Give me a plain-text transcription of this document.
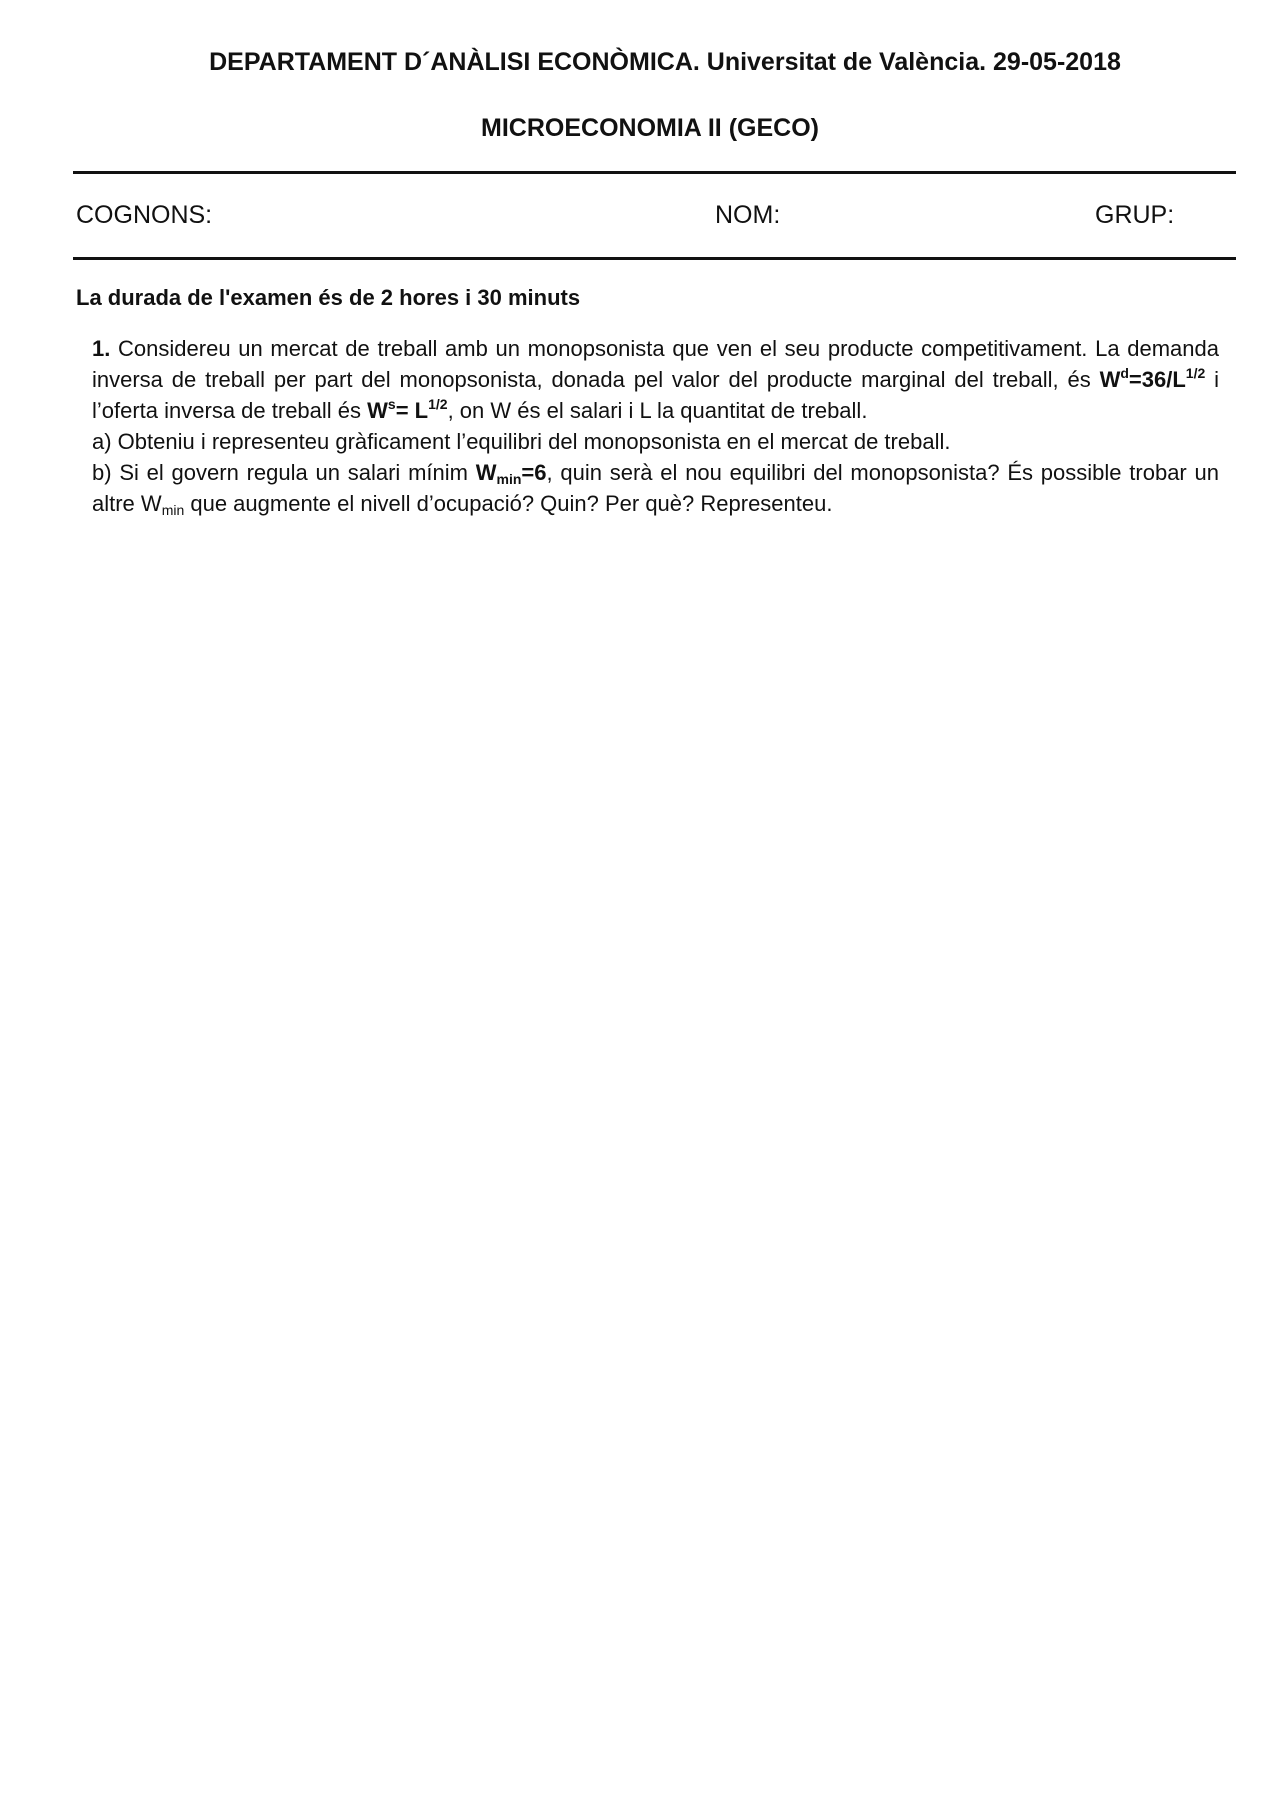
DEPARTAMENT D´ANÀLISI ECONÒMICA. Universitat de València. 29-05-2018
MICROECONOMIA II (GECO)
COGNONS:	NOM:	GRUP:
La durada de l'examen és de 2 hores i 30 minuts

1. Considereu un mercat de treball amb un monopsonista que ven el seu producte competitivament. La demanda inversa de treball per part del monopsonista, donada pel valor del producte marginal del treball, és $W^d=36/L^{1/2}$ i l’oferta inversa de treball és $W^s= L^{1/2}$, on W és el salari i L la quantitat de treball.

a) Obteniu i representeu gràficament l’equilibri del monopsonista en el mercat de treball.

b) Si el govern regula un salari mínim $W_{min}=6$, quin serà el nou equilibri del monopsonista? És possible trobar un altre $W_{min}$ que augmente el nivell d’ocupació? Quin? Per què? Representeu.
